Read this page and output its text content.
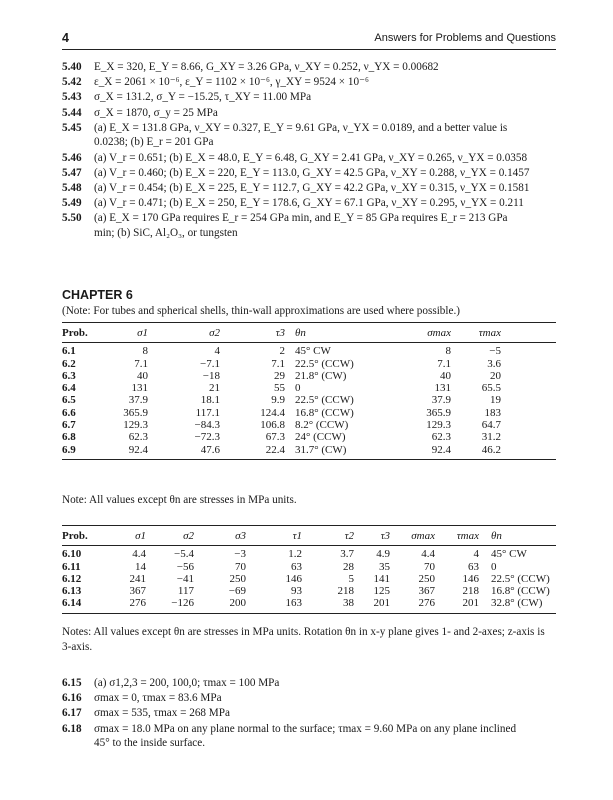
4	Answers for Problems and Questions
5.40 E_X = 320, E_Y = 8.66, G_XY = 3.26 GPa, ν_XY = 0.252, ν_YX = 0.00682
5.42 ε_X = 2061 × 10⁻⁶, ε_Y = 1102 × 10⁻⁶, γ_XY = 9524 × 10⁻⁶
5.43 σ_X = 131.2, σ_Y = −15.25, τ_XY = 11.00 MPa
5.44 σ_X = 1870, σ_y = 25 MPa
5.45 (a) E_X = 131.8 GPa, ν_XY = 0.327, E_Y = 9.61 GPa, ν_YX = 0.0189, and a better value is
0.0238; (b) E_r = 201 GPa
5.46 (a) V_r = 0.651; (b) E_X = 48.0, E_Y = 6.48, G_XY = 2.41 GPa, ν_XY = 0.265, ν_YX = 0.0358
5.47 (a) V_r = 0.460; (b) E_X = 220, E_Y = 113.0, G_XY = 42.5 GPa, ν_XY = 0.288, ν_YX = 0.1457
5.48 (a) V_r = 0.454; (b) E_X = 225, E_Y = 112.7, G_XY = 42.2 GPa, ν_XY = 0.315, ν_YX = 0.1581
5.49 (a) V_r = 0.471; (b) E_X = 250, E_Y = 178.6, G_XY = 67.1 GPa, ν_XY = 0.295, ν_YX = 0.211
5.50 (a) E_X = 170 GPa requires E_r = 254 GPa min, and E_Y = 85 GPa requires E_r = 213 GPa
min; (b) SiC, Al₂O₃, or tungsten
CHAPTER 6
(Note: For tubes and spherical shells, thin-wall approximations are used where possible.)
Prob.	σ1	σ2	τ3		θn	σmax	τmax	
6.1	8	4	2		45° CW	8	−5	
6.2	7.1	−7.1	7.1		22.5° (CCW)	7.1	3.6	
6.3	40	−18	29		21.8° (CW)	40	20	
6.4	131	21	55		0	131	65.5	
6.5	37.9	18.1	9.9		22.5° (CCW)	37.9	19	
6.6	365.9	117.1	124.4		16.8° (CCW)	365.9	183	
6.7	129.3	−84.3	106.8		8.2° (CCW)	129.3	64.7	
6.8	62.3	−72.3	67.3		24° (CCW)	62.3	31.2	
6.9	92.4	47.6	22.4		31.7° (CW)	92.4	46.2	
Note: All values except θn are stresses in MPa units.
Prob.	σ1	σ2	σ3	τ1	τ2	τ3	σmax	τmax		θn
6.10	4.4	−5.4	−3	1.2	3.7	4.9	4.4	4		45° CW
6.11	14	−56	70	63	28	35	70	63		0
6.12	241	−41	250	146	5	141	250	146		22.5° (CCW)
6.13	367	117	−69	93	218	125	367	218		16.8° (CCW)
6.14	276	−126	200	163	38	201	276	201		32.8° (CW)
Notes: All values except θn are stresses in MPa units. Rotation θn in x-y plane gives 1- and 2-axes; z-axis is 3-axis.
6.15 (a) σ1,2,3 = 200, 100,0; τmax = 100 MPa
6.16 σmax = 0, τmax = 83.6 MPa
6.17 σmax = 535, τmax = 268 MPa
6.18 σmax = 18.0 MPa on any plane normal to the surface; τmax = 9.60 MPa on any plane inclined
45° to the inside surface.
